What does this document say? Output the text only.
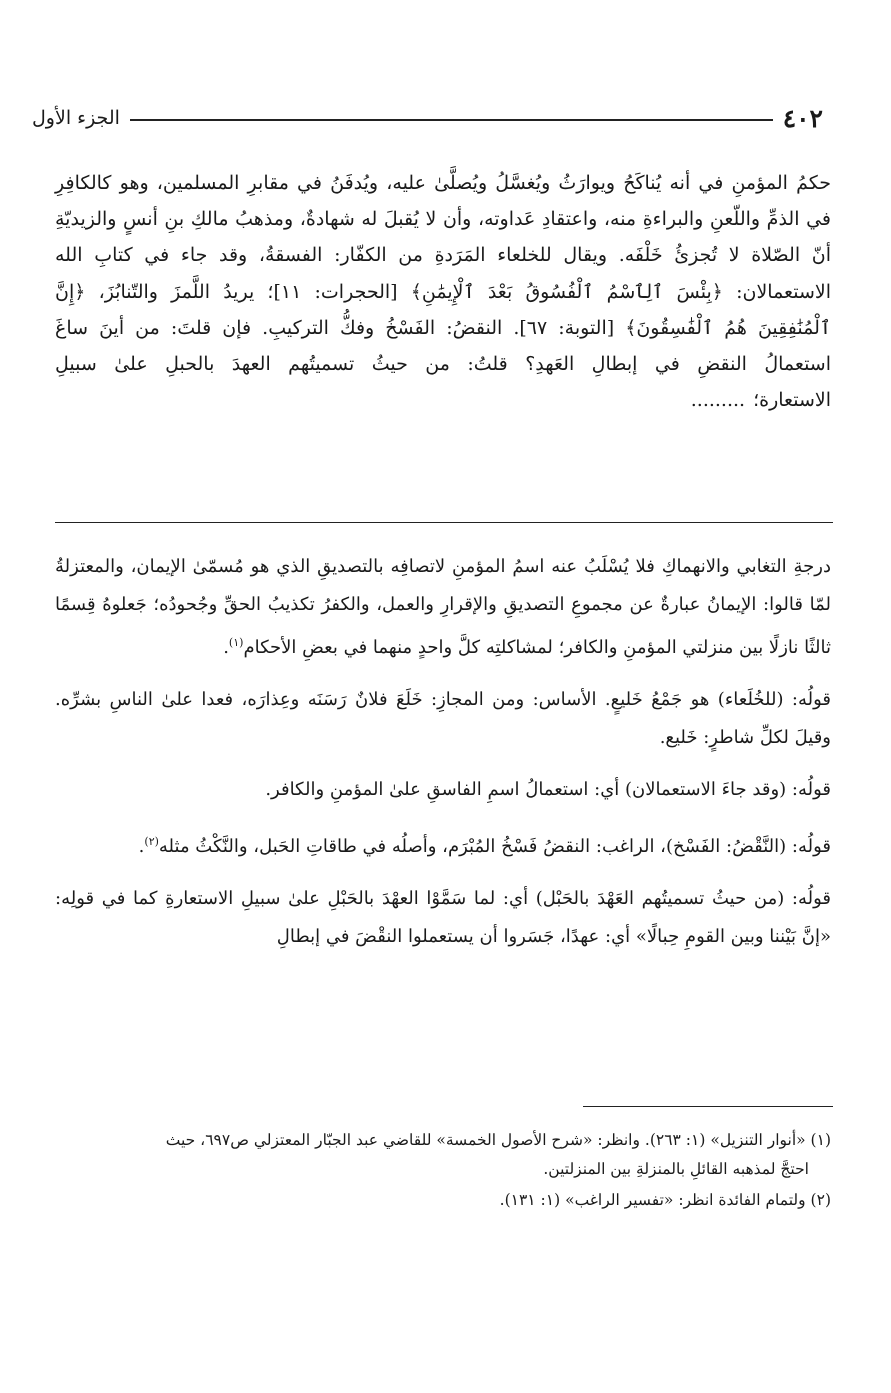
٤٠٢
الجزء الأول
حكمُ المؤمنِ في أنه يُناكَحُ ويوارَثُ ويُغسَّلُ ويُصلَّىٰ عليه، ويُدفَنُ في مقابرِ المسلمين، وهو كالكافِرِ في الذمِّ واللّعنِ والبراءةِ منه، واعتقادِ عَداوته، وأن لا يُقبلَ له شهادةٌ، ومذهبُ مالكِ بنِ أنسٍ والزيديّةِ أنّ الصّلاة لا تُجزئُ خَلْفَه. ويقال للخلعاء المَرَدةِ من الكفّار: الفسقةُ، وقد جاء في كتابِ الله الاستعمالان: ﴿بِئْسَ ٱلِٱسْمُ ٱلْفُسُوقُ بَعْدَ ٱلْإِيمَٰنِ﴾ [الحجرات: ١١]؛ يريدُ اللَّمزَ والتّنابُزَ، ﴿إِنَّ ٱلْمُنَٰفِقِينَ هُمُ ٱلْفَٰسِقُونَ﴾ [التوبة: ٦٧]. النقضُ: الفَسْخُ وفكُّ التركيبِ. فإن قلتَ: من أينَ ساغَ استعمالُ النقضِ في إبطالِ العَهدِ؟ قلتُ: من حيثُ تسميتُهم العهدَ بالحبلِ علىٰ سبيلِ الاستعارة؛.........

درجةِ التغابي والانهماكِ فلا يُسْلَبُ عنه اسمُ المؤمنِ لاتصافِه بالتصديقِ الذي هو مُسمّىٰ الإيمان، والمعتزلةُ لمّا قالوا: الإيمانُ عبارةٌ عن مجموعِ التصديقِ والإقرارِ والعمل، والكفرُ تكذيبُ الحقِّ وجُحودُه؛ جَعلوهُ قِسمًا ثالثًا نازلًا بين منزلتي المؤمنِ والكافر؛ لمشاكلتِه كلَّ واحدٍ منهما في بعضِ الأحكام$^{(١)}$.

قولُه: (للخُلَعاء) هو جَمْعُ خَليعٍ. الأساس: ومن المجازِ: خَلَعَ فلانٌ رَسَنَه وعِذارَه، فعدا علىٰ الناسِ بشرِّه. وقيلَ لكلِّ شاطرٍ: خَليع.

قولُه: (وقد جاءَ الاستعمالان) أي: استعمالُ اسمِ الفاسقِ علىٰ المؤمنِ والكافر.

قولُه: (النَّقْضُ: الفَسْخ)، الراغب: النقضُ فَسْخُ المُبْرَم، وأصلُه في طاقاتِ الحَبل، والنَّكْثُ مثله$^{(٢)}$.

قولُه: (من حيثُ تسميتُهم العَهْدَ بالحَبْل) أي: لما سَمَّوْا العهْدَ بالحَبْلِ علىٰ سبيلِ الاستعارةِ كما في قولِه: «إنَّ بَيْننا وبين القومِ حِبالًا» أي: عهدًا، جَسَروا أن يستعملوا النقْضَ في إبطالِ

(١) «أنوار التنزيل» (١: ٢٦٣). وانظر: «شرح الأصول الخمسة» للقاضي عبد الجبّار المعتزلي ص٦٩٧، حيث
احتجَّ لمذهبه القائلِ بالمنزلةِ بين المنزلتين.

(٢) ولتمام الفائدة انظر: «تفسير الراغب» (١: ١٣١).
